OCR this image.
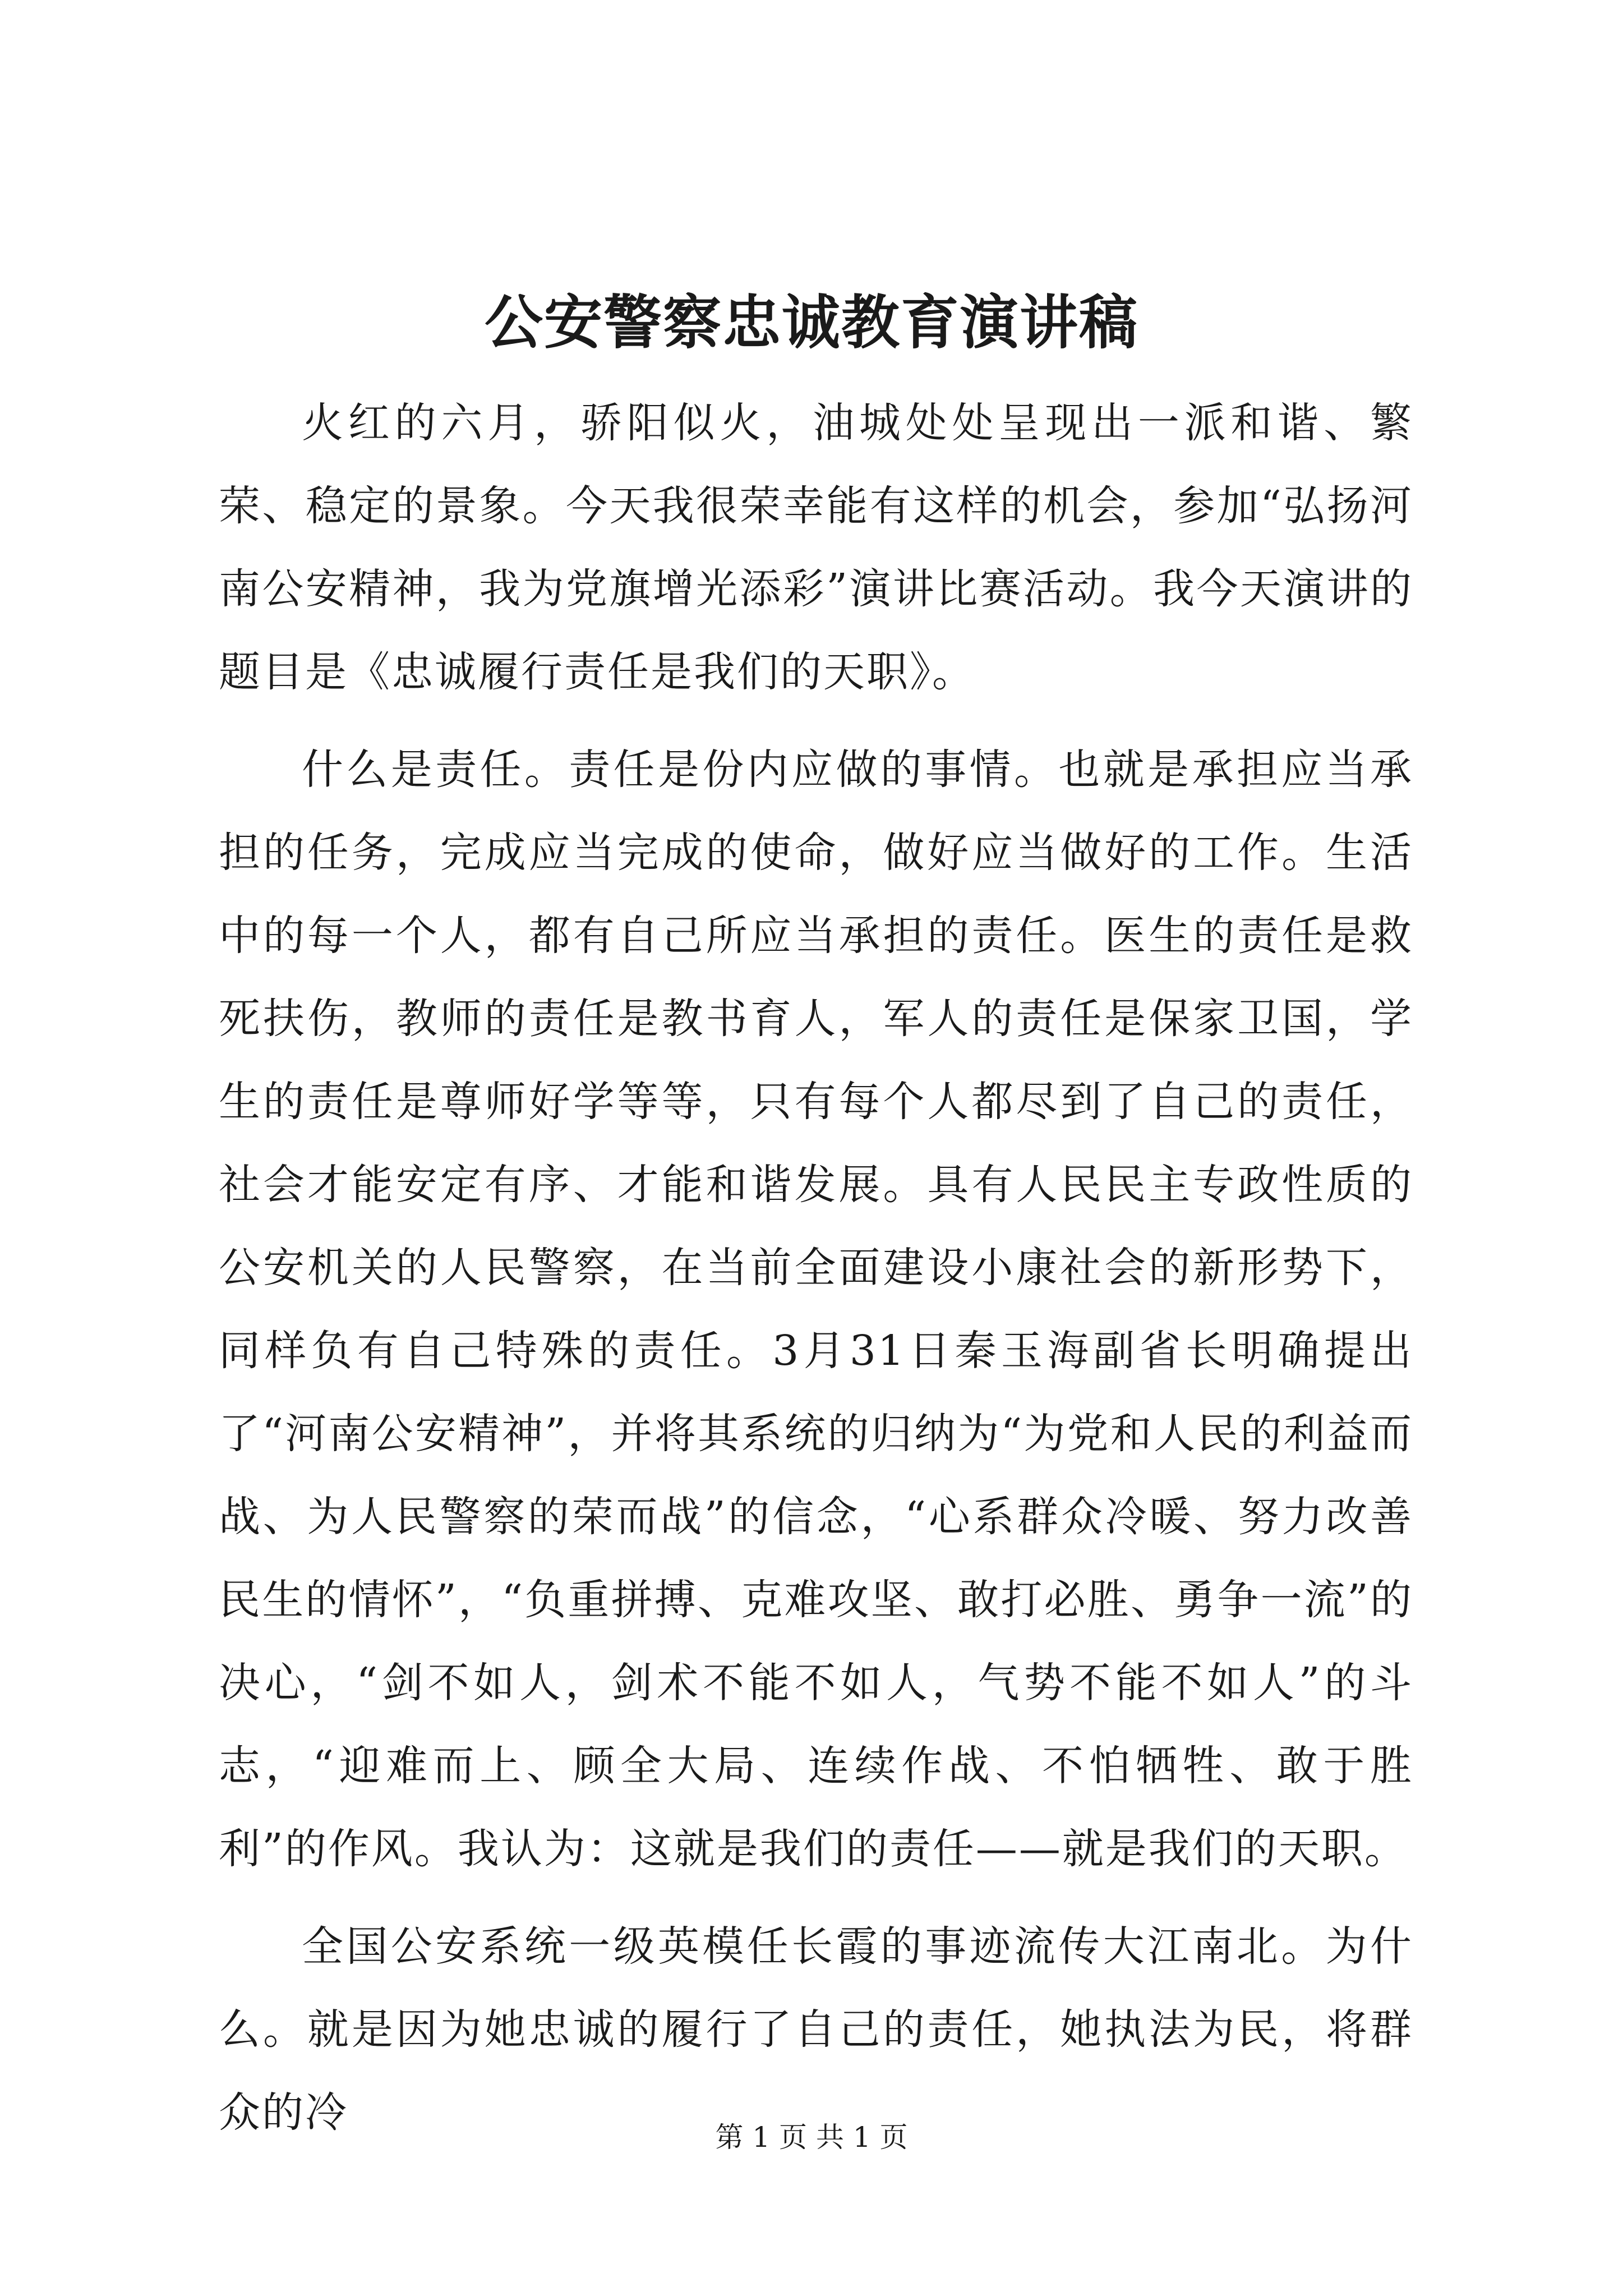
公安警察忠诚教育演讲稿

火红的六月，骄阳似火，油城处处呈现出一派和谐、繁荣、稳定的景象。今天我很荣幸能有这样的机会，参加“弘扬河南公安精神，我为党旗增光添彩”演讲比赛活动。我今天演讲的题目是《忠诚履行责任是我们的天职》。

什么是责任。责任是份内应做的事情。也就是承担应当承担的任务，完成应当完成的使命，做好应当做好的工作。生活中的每一个人，都有自己所应当承担的责任。医生的责任是救死扶伤，教师的责任是教书育人，军人的责任是保家卫国，学生的责任是尊师好学等等，只有每个人都尽到了自己的责任，社会才能安定有序、才能和谐发展。具有人民民主专政性质的公安机关的人民警察，在当前全面建设小康社会的新形势下，同样负有自己特殊的责任。3月31日秦玉海副省长明确提出了“河南公安精神”，并将其系统的归纳为“为党和人民的利益而战、为人民警察的荣而战”的信念，“心系群众冷暖、努力改善民生的情怀”，“负重拼搏、克难攻坚、敢打必胜、勇争一流”的决心，“剑不如人，剑术不能不如人，气势不能不如人”的斗志，“迎难而上、顾全大局、连续作战、不怕牺牲、敢于胜利”的作风。我认为：这就是我们的责任——就是我们的天职。

全国公安系统一级英模任长霞的事迹流传大江南北。为什么。就是因为她忠诚的履行了自己的责任，她执法为民，将群众的冷

第 1 页 共 1 页
